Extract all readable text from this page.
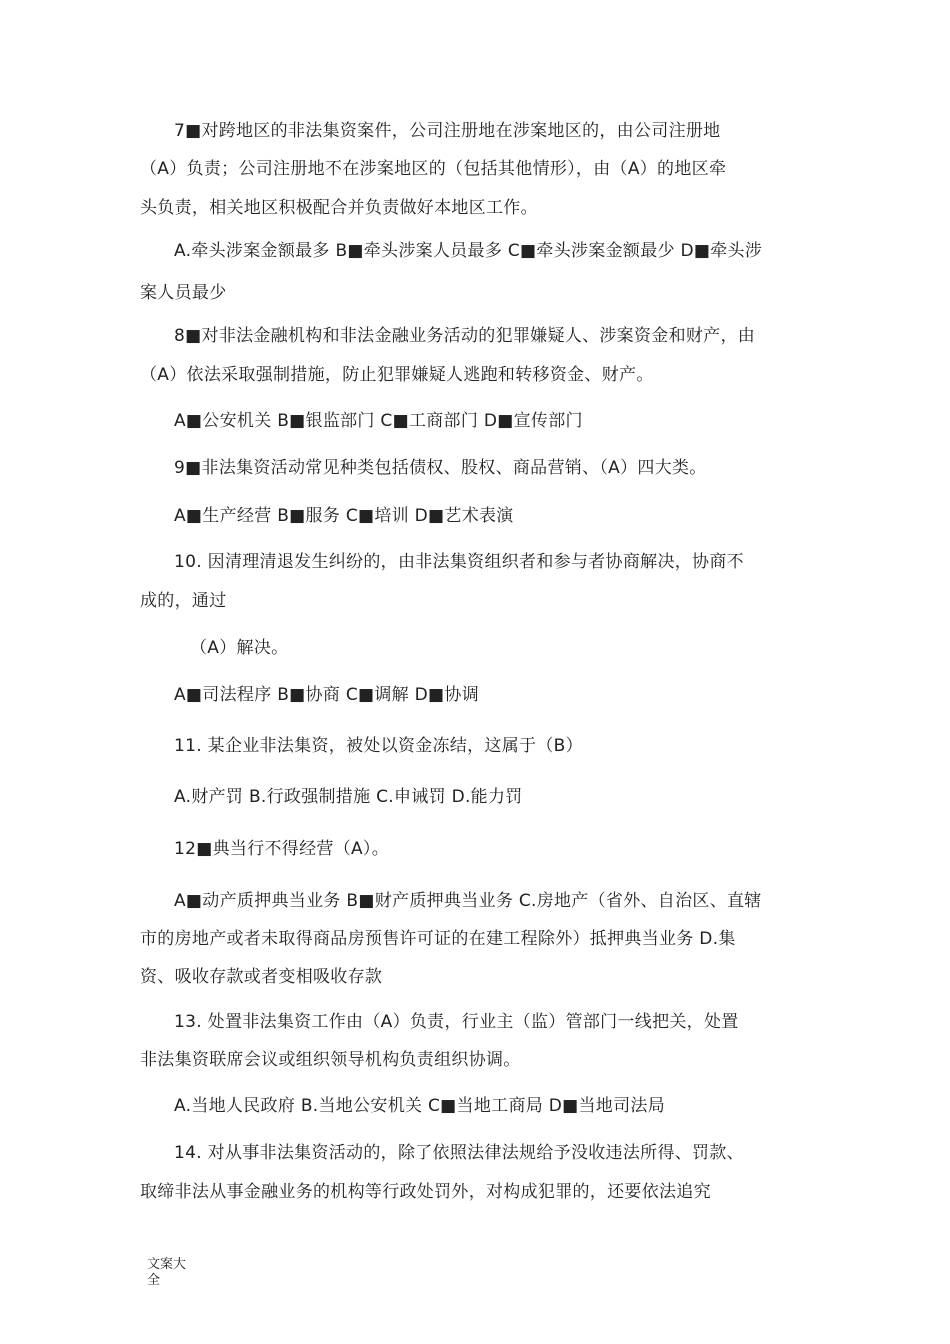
7■对跨地区的非法集资案件，公司注册地在涉案地区的，由公司注册地

（A）负责；公司注册地不在涉案地区的（包括其他情形），由（A）的地区牵

头负责，相关地区积极配合并负责做好本地区工作。

A.牵头涉案金额最多 B■牵头涉案人员最多 C■牵头涉案金额最少 D■牵头涉

案人员最少

8■对非法金融机构和非法金融业务活动的犯罪嫌疑人、涉案资金和财产，由

（A）依法采取强制措施，防止犯罪嫌疑人逃跑和转移资金、财产。

A■公安机关 B■银监部门 C■工商部门 D■宣传部门

9■非法集资活动常见种类包括债权、股权、商品营销、（A）四大类。

A■生产经营 B■服务 C■培训 D■艺术表演

10. 因清理清退发生纠纷的，由非法集资组织者和参与者协商解决，协商不

成的，通过

（A）解决。

A■司法程序 B■协商 C■调解 D■协调

11. 某企业非法集资，被处以资金冻结，这属于（B）

A.财产罚 B.行政强制措施 C.申诫罚 D.能力罚

12■典当行不得经营（A）。

A■动产质押典当业务 B■财产质押典当业务 C.房地产（省外、自治区、直辖

市的房地产或者未取得商品房预售许可证的在建工程除外）抵押典当业务 D.集

资、吸收存款或者变相吸收存款

13. 处置非法集资工作由（A）负责，行业主（监）管部门一线把关，处置

非法集资联席会议或组织领导机构负责组织协调。

A.当地人民政府 B.当地公安机关 C■当地工商局 D■当地司法局

14. 对从事非法集资活动的，除了依照法律法规给予没收违法所得、罚款、

取缔非法从事金融业务的机构等行政处罚外，对构成犯罪的，还要依法追究

文案大全
